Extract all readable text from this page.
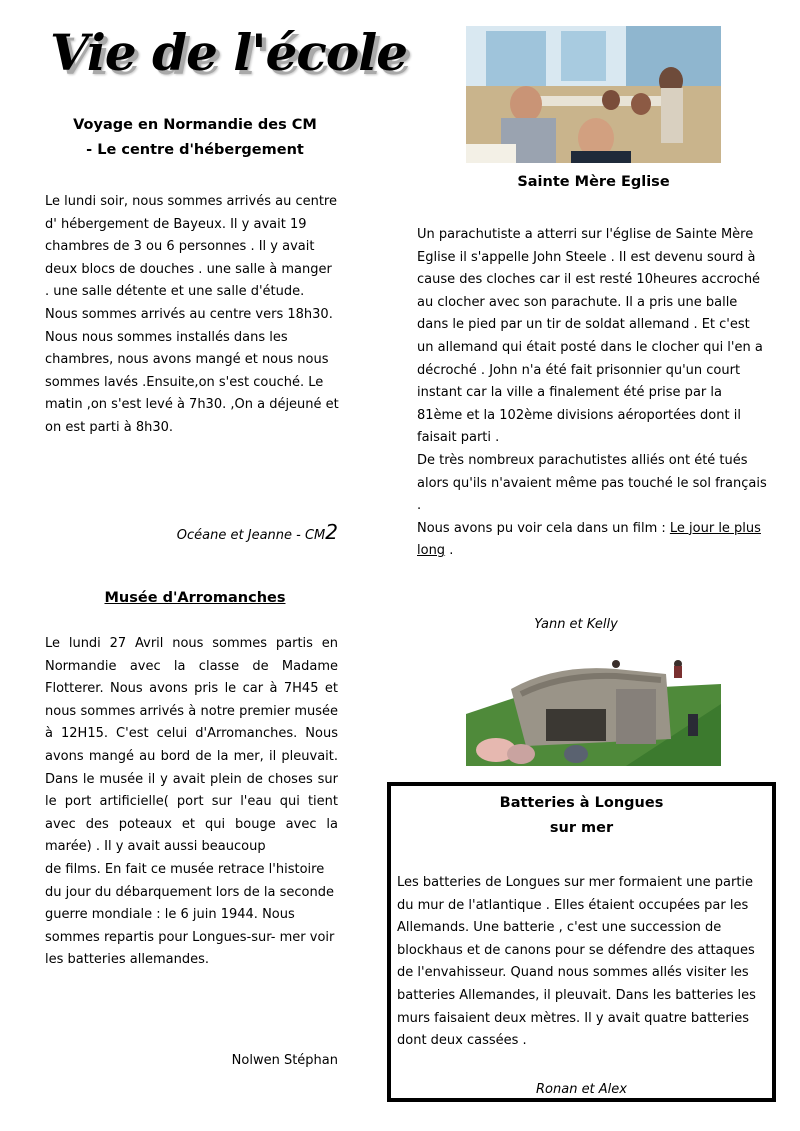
Vie de l'école
Voyage en Normandie des CM
- Le centre d'hébergement

Le lundi soir, nous sommes arrivés au centre d' hébergement de Bayeux. Il y avait 19 chambres de 3 ou 6 personnes . Il y avait deux blocs de douches . une salle à manger . une salle détente et une salle d'étude. Nous sommes arrivés au centre vers 18h30.

Nous nous sommes installés dans les chambres, nous avons mangé et nous nous sommes lavés .Ensuite,on s'est couché. Le matin ,on s'est levé à 7h30. ,On a déjeuné et on est parti à 8h30.

Océane et Jeanne - CM2
Musée d'Arromanches

Le lundi 27 Avril nous sommes partis en Normandie avec la classe de Madame Flotterer. Nous avons pris le car à 7H45 et nous sommes arrivés à notre premier musée à 12H15. C'est celui d'Arromanches. Nous avons mangé au bord de la mer, il pleuvait. Dans le musée il y avait plein de choses sur le port artificielle( port sur l'eau qui tient avec des poteaux et qui bouge avec la marée) . Il y avait aussi beaucoup

de films. En fait ce musée retrace l'histoire du jour du débarquement lors de la seconde guerre mondiale : le 6 juin 1944. Nous sommes repartis pour Longues-sur- mer voir les batteries allemandes.

Nolwen Stéphan
Sainte Mère Eglise

Un parachutiste a atterri sur l'église de Sainte Mère Eglise il s'appelle John Steele . Il est devenu sourd à cause des cloches car il est resté 10heures accroché au clocher avec son parachute. Il a pris une balle dans le pied par un tir de soldat allemand . Et c'est un allemand qui était posté dans le clocher qui l'en a décroché . John n'a été fait prisonnier qu'un court instant car la ville a finalement été prise par la 81ème et la 102ème divisions aéroportées dont il faisait parti .

De très nombreux parachutistes alliés ont été tués alors qu'ils n'avaient même pas touché le sol français .

Nous avons pu voir cela dans un film : Le jour le plus long .

Yann et Kelly
Batteries à Longues
sur mer
Les batteries de Longues sur mer formaient une partie du mur de l'atlantique . Elles étaient occupées par les Allemands. Une batterie , c'est une succession de blockhaus et de canons pour se défendre des attaques de l'envahisseur. Quand nous sommes allés visiter les batteries Allemandes, il pleuvait. Dans les batteries les murs faisaient deux mètres. Il y avait quatre batteries dont deux cassées .
Ronan et Alex
